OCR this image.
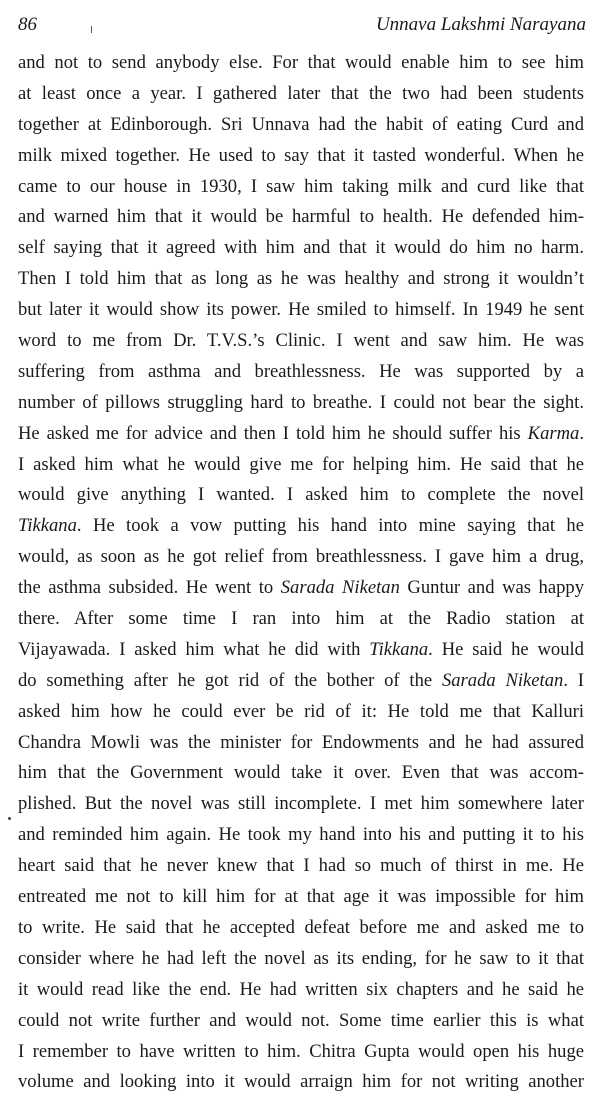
86	Unnava Lakshmi Narayana
and not to send anybody else. For that would enable him to see him
at least once a year. I gathered later that the two had been students
together at Edinborough. Sri Unnava had the habit of eating Curd and
milk mixed together. He used to say that it tasted wonderful. When he
came to our house in 1930, I saw him taking milk and curd like that
and warned him that it would be harmful to health. He defended him-
self saying that it agreed with him and that it would do him no harm.
Then I told him that as long as he was healthy and strong it wouldn’t
but later it would show its power. He smiled to himself. In 1949 he sent
word to me from Dr. T.V.S.’s Clinic. I went and saw him. He was
suffering from asthma and breathlessness. He was supported by a
number of pillows struggling hard to breathe. I could not bear the sight.
He asked me for advice and then I told him he should suffer his Karma.
I asked him what he would give me for helping him. He said that he
would give anything I wanted. I asked him to complete the novel
Tikkana. He took a vow putting his hand into mine saying that he
would, as soon as he got relief from breathlessness. I gave him a drug,
the asthma subsided. He went to Sarada Niketan Guntur and was happy
there. After some time I ran into him at the Radio station at
Vijayawada. I asked him what he did with Tikkana. He said he would
do something after he got rid of the bother of the Sarada Niketan. I
asked him how he could ever be rid of it: He told me that Kalluri
Chandra Mowli was the minister for Endowments and he had assured
him that the Government would take it over. Even that was accom-
plished. But the novel was still incomplete. I met him somewhere later
and reminded him again. He took my hand into his and putting it to his
heart said that he never knew that I had so much of thirst in me. He
entreated me not to kill him for at that age it was impossible for him
to write. He said that he accepted defeat before me and asked me to
consider where he had left the novel as its ending, for he saw to it that
it would read like the end. He had written six chapters and he said he
could not write further and would not. Some time earlier this is what
I remember to have written to him. Chitra Gupta would open his huge
volume and looking into it would arraign him for not writing another
